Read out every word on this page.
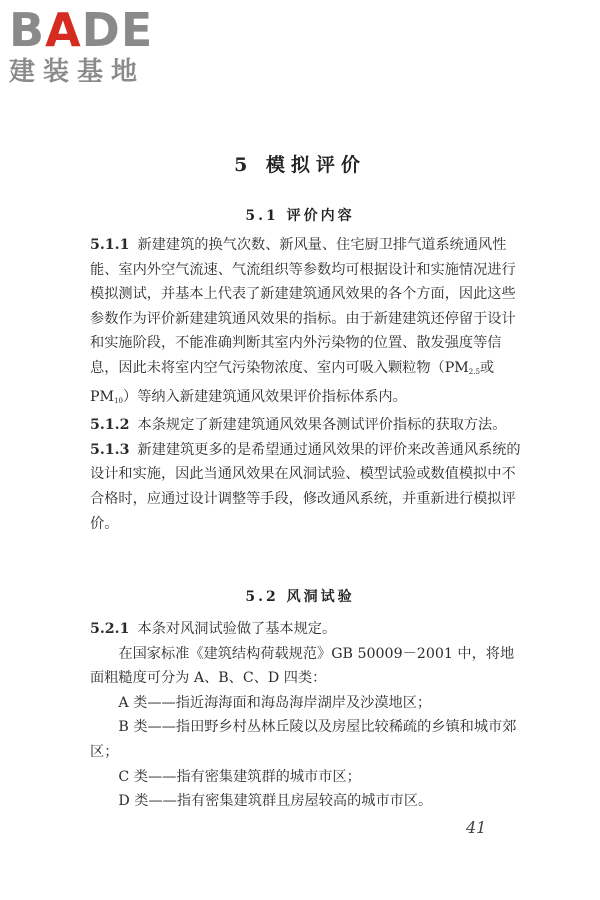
BADE
建装基地
5 模拟评价
5.1 评价内容

5.1.1 新建建筑的换气次数、新风量、住宅厨卫排气道系统通风性能、室内外空气流速、气流组织等参数均可根据设计和实施情况进行模拟测试，并基本上代表了新建建筑通风效果的各个方面，因此这些参数作为评价新建建筑通风效果的指标。由于新建建筑还停留于设计和实施阶段，不能准确判断其室内外污染物的位置、散发强度等信息，因此未将室内空气污染物浓度、室内可吸入颗粒物（$PM_{2.5}$或 $PM_{10}$）等纳入新建建筑通风效果评价指标体系内。

5.1.2 本条规定了新建建筑通风效果各测试评价指标的获取方法。

5.1.3 新建建筑更多的是希望通过通风效果的评价来改善通风系统的设计和实施，因此当通风效果在风洞试验、模型试验或数值模拟中不合格时，应通过设计调整等手段，修改通风系统，并重新进行模拟评价。

5.2 风洞试验

5.2.1 本条对风洞试验做了基本规定。

在国家标准《建筑结构荷载规范》GB 50009－2001 中，将地面粗糙度可分为 A、B、C、D 四类：

A 类——指近海海面和海岛海岸湖岸及沙漠地区；

B 类——指田野乡村丛林丘陵以及房屋比较稀疏的乡镇和城市郊区；

C 类——指有密集建筑群的城市市区；

D 类——指有密集建筑群且房屋较高的城市市区。

41
